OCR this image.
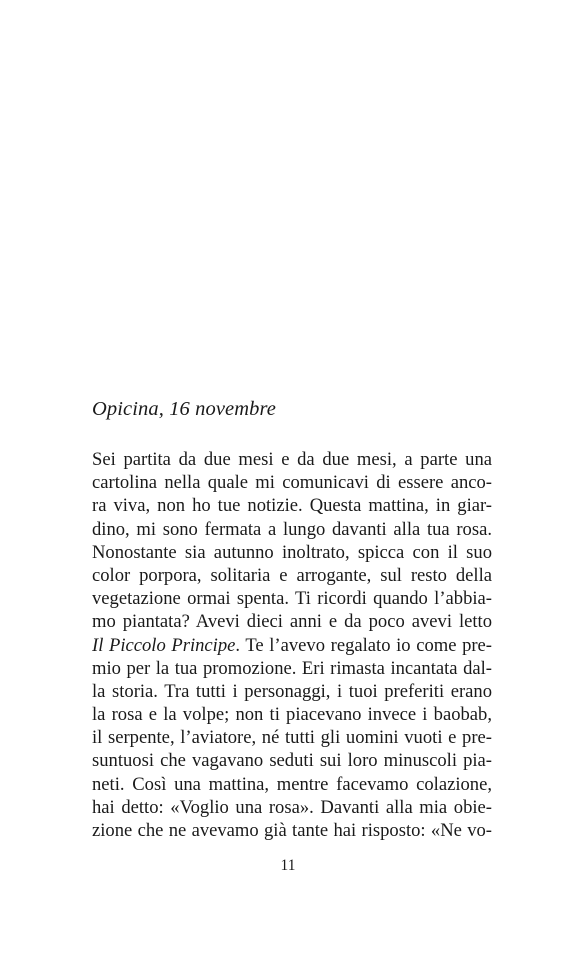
Opicina, 16 novembre
Sei partita da due mesi e da due mesi, a parte una
cartolina nella quale mi comunicavi di essere anco-
ra viva, non ho tue notizie. Questa mattina, in giar-
dino, mi sono fermata a lungo davanti alla tua rosa.
Nonostante sia autunno inoltrato, spicca con il suo
color porpora, solitaria e arrogante, sul resto della
vegetazione ormai spenta. Ti ricordi quando l’abbia-
mo piantata? Avevi dieci anni e da poco avevi letto
Il Piccolo Principe. Te l’avevo regalato io come pre-
mio per la tua promozione. Eri rimasta incantata dal-
la storia. Tra tutti i personaggi, i tuoi preferiti erano
la rosa e la volpe; non ti piacevano invece i baobab,
il serpente, l’aviatore, né tutti gli uomini vuoti e pre-
suntuosi che vagavano seduti sui loro minuscoli pia-
neti. Così una mattina, mentre facevamo colazione,
hai detto: «Voglio una rosa». Davanti alla mia obie-
zione che ne avevamo già tante hai risposto: «Ne vo-

11
